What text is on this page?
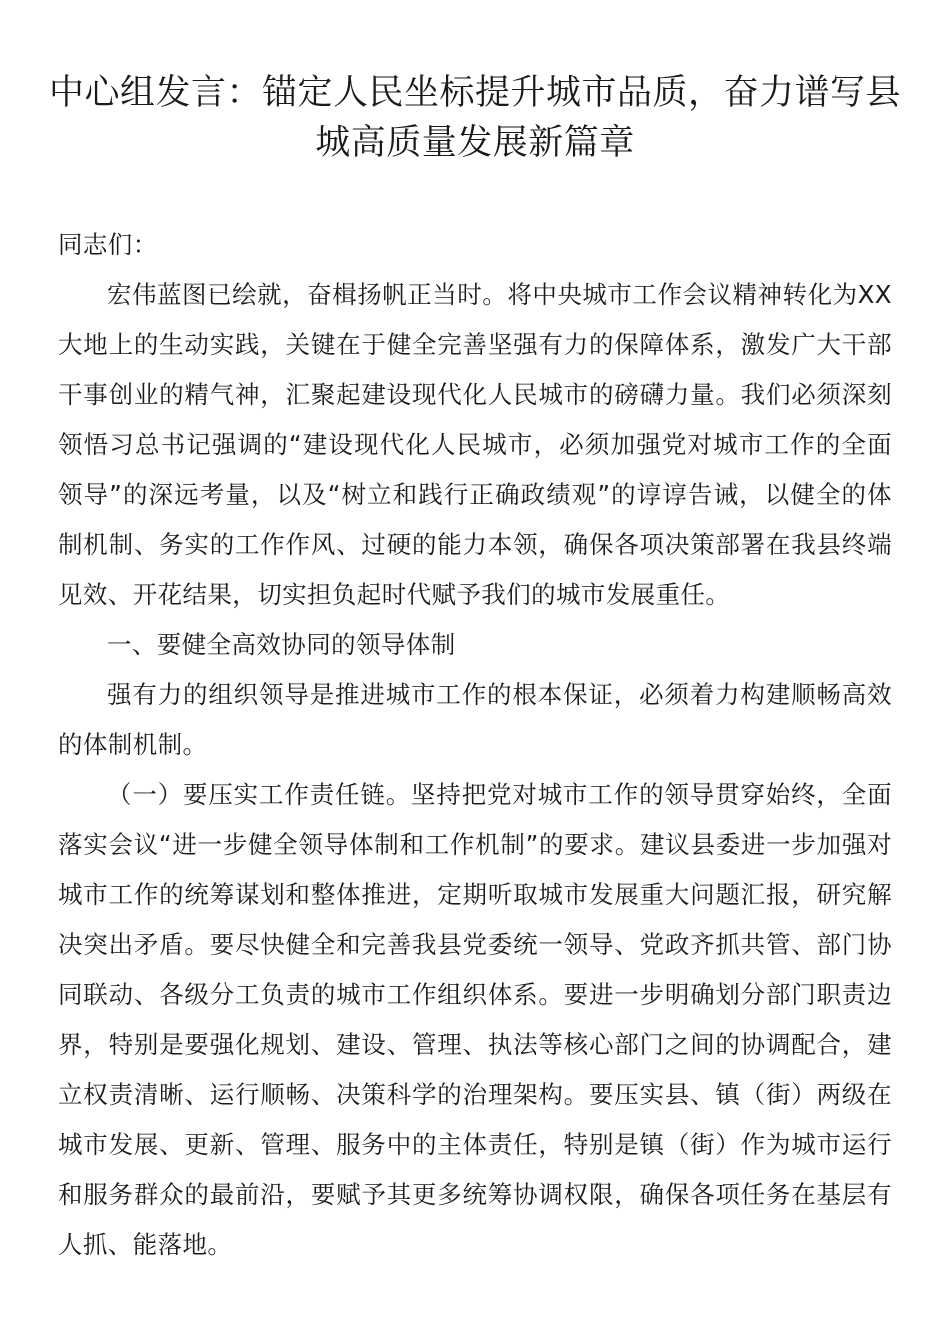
中心组发言：锚定人民坐标提升城市品质，奋力谱写县城高质量发展新篇章

同志们：

宏伟蓝图已绘就，奋楫扬帆正当时。将中央城市工作会议精神转化为XX大地上的生动实践，关键在于健全完善坚强有力的保障体系，激发广大干部干事创业的精气神，汇聚起建设现代化人民城市的磅礴力量。我们必须深刻领悟习总书记强调的“建设现代化人民城市，必须加强党对城市工作的全面领导”的深远考量，以及“树立和践行正确政绩观”的谆谆告诫，以健全的体制机制、务实的工作作风、过硬的能力本领，确保各项决策部署在我县终端见效、开花结果，切实担负起时代赋予我们的城市发展重任。

一、要健全高效协同的领导体制

强有力的组织领导是推进城市工作的根本保证，必须着力构建顺畅高效的体制机制。

（一）要压实工作责任链。坚持把党对城市工作的领导贯穿始终，全面落实会议“进一步健全领导体制和工作机制”的要求。建议县委进一步加强对城市工作的统筹谋划和整体推进，定期听取城市发展重大问题汇报，研究解决突出矛盾。要尽快健全和完善我县党委统一领导、党政齐抓共管、部门协同联动、各级分工负责的城市工作组织体系。要进一步明确划分部门职责边界，特别是要强化规划、建设、管理、执法等核心部门之间的协调配合，建立权责清晰、运行顺畅、决策科学的治理架构。要压实县、镇（街）两级在城市发展、更新、管理、服务中的主体责任，特别是镇（街）作为城市运行和服务群众的最前沿，要赋予其更多统筹协调权限，确保各项任务在基层有人抓、能落地。
